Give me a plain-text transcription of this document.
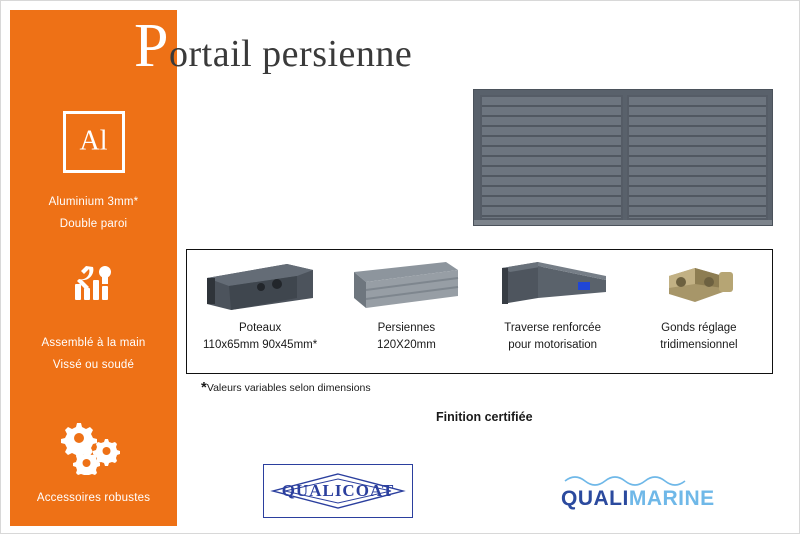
Al
Aluminium 3mm*
Double paroi
Assemblé à la main
Vissé ou soudé
Accessoires robustes
Portail persienne
Poteaux
110x65mm 90x45mm*
Persiennes
120X20mm
Traverse renforcée
pour motorisation
Gonds réglage
tridimensionnel
*Valeurs variables selon dimensions
Finition certifiée
QUALICOAT	QUALIMARINE
